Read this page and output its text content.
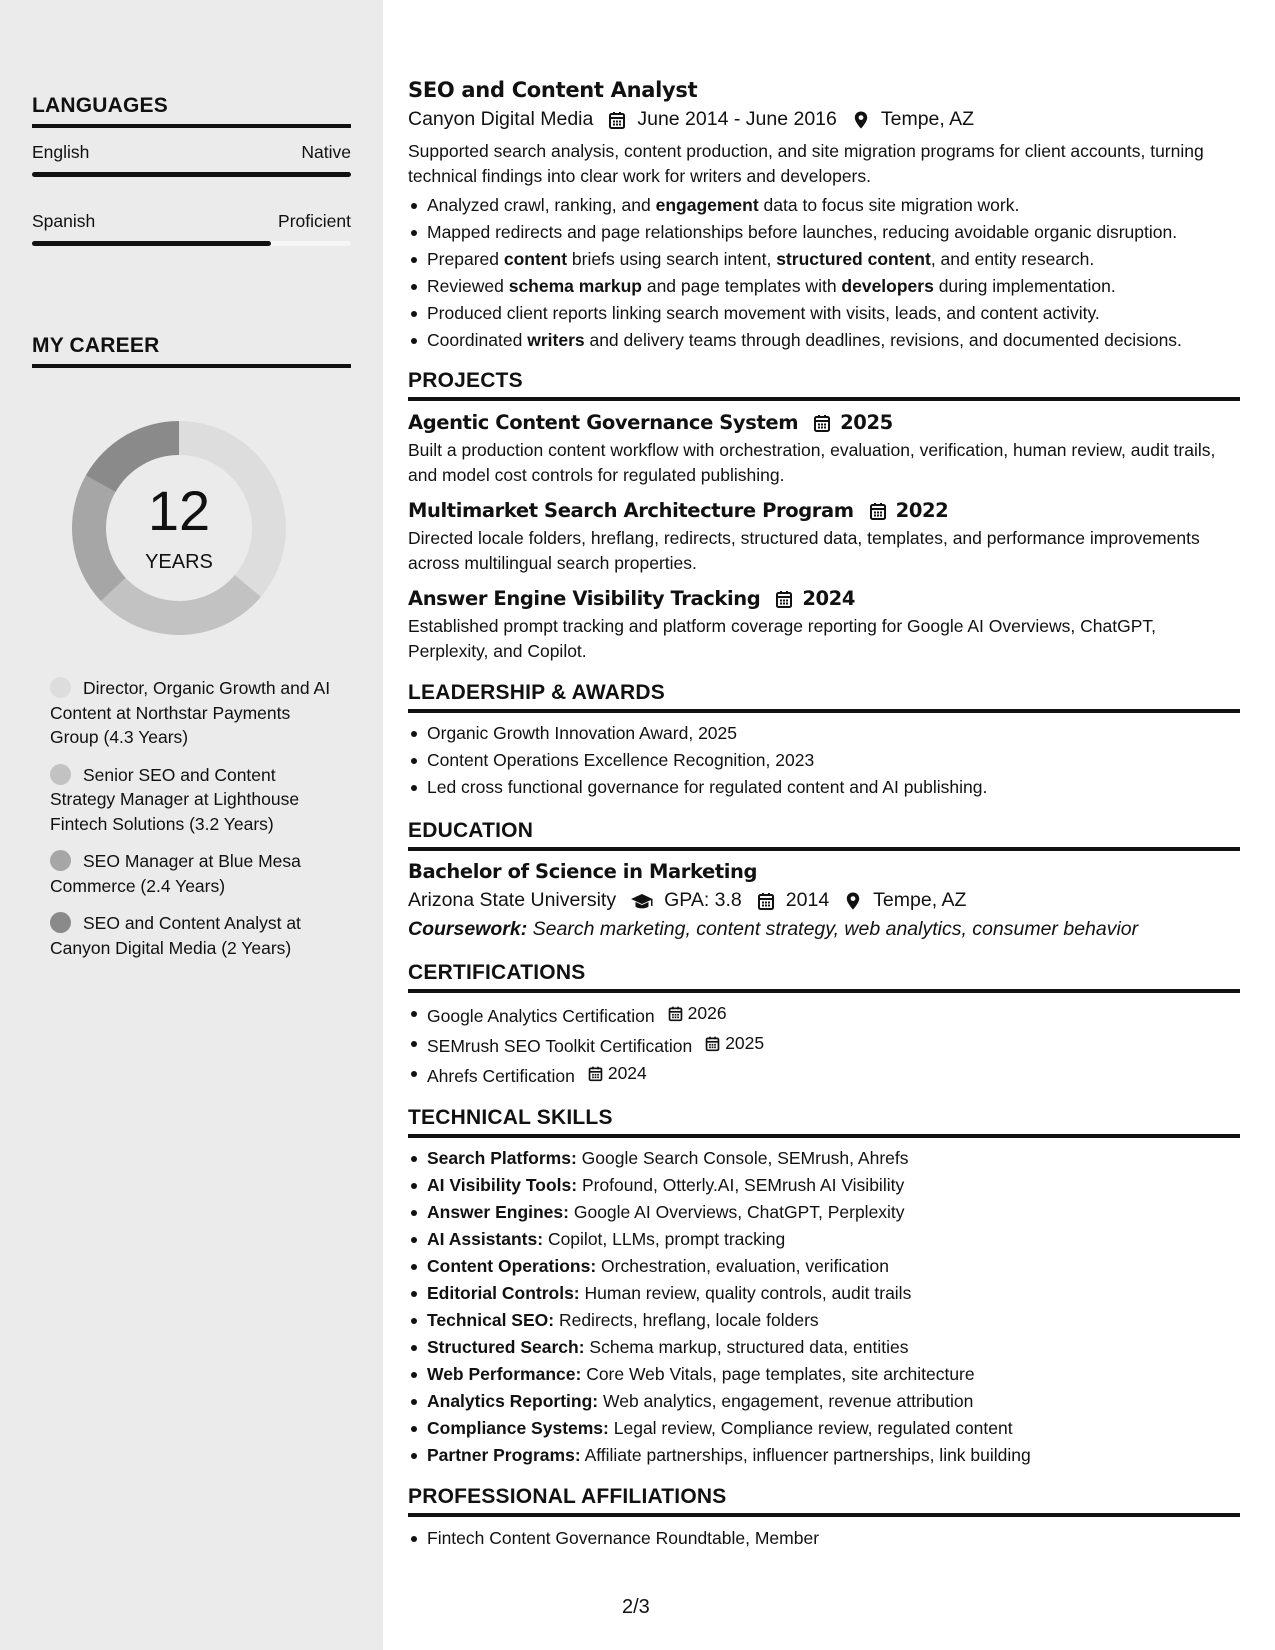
LANGUAGES
English	Native
Spanish	Proficient
MY CAREER
12
YEARS
Director, Organic Growth and AI Content at Northstar Payments Group (4.3 Years)
Senior SEO and Content Strategy Manager at Lighthouse Fintech Solutions (3.2 Years)
SEO Manager at Blue Mesa Commerce (2.4 Years)
SEO and Content Analyst at Canyon Digital Media (2 Years)
SEO and Content Analyst
Canyon Digital Media June 2014 - June 2016 Tempe, AZ

Supported search analysis, content production, and site migration programs for client accounts, turning technical findings into clear work for writers and developers.

Analyzed crawl, ranking, and engagement data to focus site migration work.
Mapped redirects and page relationships before launches, reducing avoidable organic disruption.
Prepared content briefs using search intent, structured content, and entity research.
Reviewed schema markup and page templates with developers during implementation.
Produced client reports linking search movement with visits, leads, and content activity.
Coordinated writers and delivery teams through deadlines, revisions, and documented decisions.
PROJECTS
Agentic Content Governance System 2025
Built a production content workflow with orchestration, evaluation, verification, human review, audit trails, and model cost controls for regulated publishing.
Multimarket Search Architecture Program 2022
Directed locale folders, hreflang, redirects, structured data, templates, and performance improvements across multilingual search properties.
Answer Engine Visibility Tracking 2024
Established prompt tracking and platform coverage reporting for Google AI Overviews, ChatGPT, Perplexity, and Copilot.
LEADERSHIP & AWARDS
Organic Growth Innovation Award, 2025
Content Operations Excellence Recognition, 2023
Led cross functional governance for regulated content and AI publishing.
EDUCATION
Bachelor of Science in Marketing
Arizona State University GPA: 3.8 2014 Tempe, AZ
Coursework: Search marketing, content strategy, web analytics, consumer behavior
CERTIFICATIONS
Google Analytics Certification 2026
SEMrush SEO Toolkit Certification 2025
Ahrefs Certification 2024
TECHNICAL SKILLS
Search Platforms: Google Search Console, SEMrush, Ahrefs
AI Visibility Tools: Profound, Otterly.AI, SEMrush AI Visibility
Answer Engines: Google AI Overviews, ChatGPT, Perplexity
AI Assistants: Copilot, LLMs, prompt tracking
Content Operations: Orchestration, evaluation, verification
Editorial Controls: Human review, quality controls, audit trails
Technical SEO: Redirects, hreflang, locale folders
Structured Search: Schema markup, structured data, entities
Web Performance: Core Web Vitals, page templates, site architecture
Analytics Reporting: Web analytics, engagement, revenue attribution
Compliance Systems: Legal review, Compliance review, regulated content
Partner Programs: Affiliate partnerships, influencer partnerships, link building
PROFESSIONAL AFFILIATIONS
Fintech Content Governance Roundtable, Member
2/3
